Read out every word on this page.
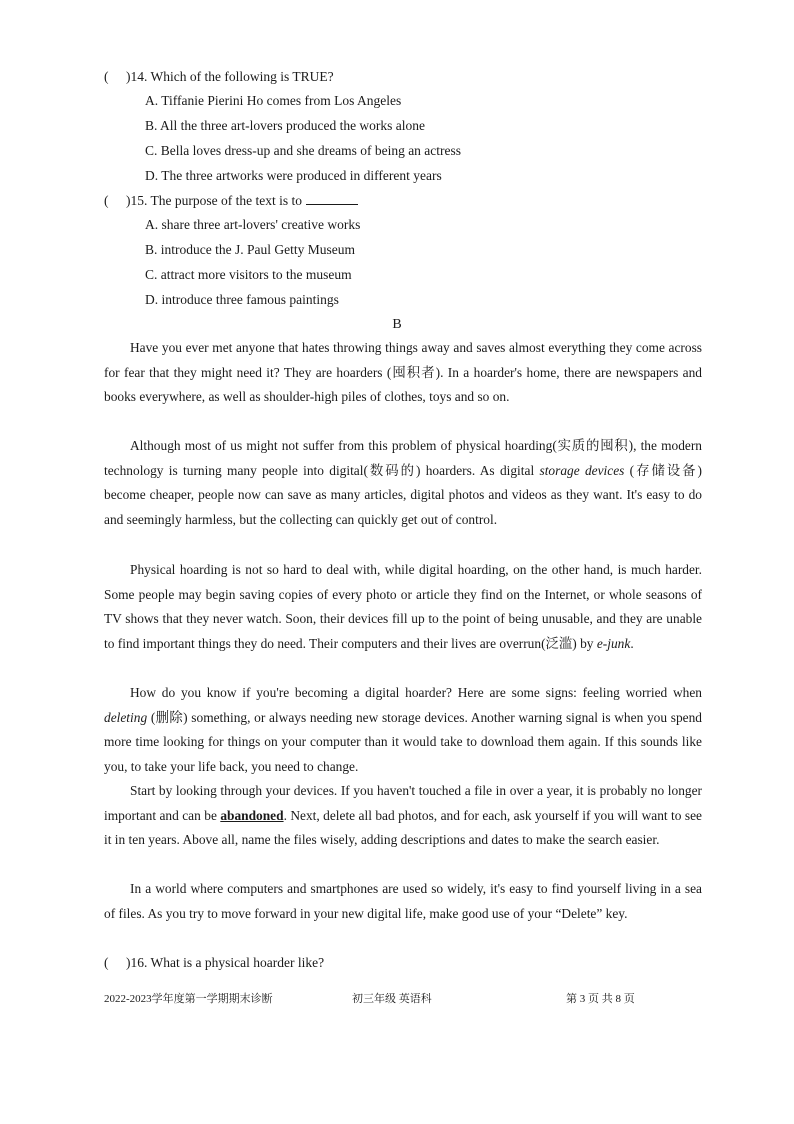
( )14. Which of the following is TRUE?
A. Tiffanie Pierini Ho comes from Los Angeles
B. All the three art-lovers produced the works alone
C. Bella loves dress-up and she dreams of being an actress
D. The three artworks were produced in different years
( )15. The purpose of the text is to
A. share three art-lovers' creative works
B. introduce the J. Paul Getty Museum
C. attract more visitors to the museum
D. introduce three famous paintings
B

Have you ever met anyone that hates throwing things away and saves almost everything they come across for fear that they might need it? They are hoarders (囤积者). In a hoarder's home, there are newspapers and books everywhere, as well as shoulder-high piles of clothes, toys and so on.

Although most of us might not suffer from this problem of physical hoarding(实质的囤积), the modern technology is turning many people into digital(数码的) hoarders. As digital storage devices (存储设备) become cheaper, people now can save as many articles, digital photos and videos as they want. It's easy to do and seemingly harmless, but the collecting can quickly get out of control.

Physical hoarding is not so hard to deal with, while digital hoarding, on the other hand, is much harder. Some people may begin saving copies of every photo or article they find on the Internet, or whole seasons of TV shows that they never watch. Soon, their devices fill up to the point of being unusable, and they are unable to find important things they do need. Their computers and their lives are overrun(泛滥) by e-junk.

How do you know if you're becoming a digital hoarder? Here are some signs: feeling worried when deleting (删除) something, or always needing new storage devices. Another warning signal is when you spend more time looking for things on your computer than it would take to download them again. If this sounds like you, to take your life back, you need to change.

Start by looking through your devices. If you haven't touched a file in over a year, it is probably no longer important and can be abandoned. Next, delete all bad photos, and for each, ask yourself if you will want to see it in ten years. Above all, name the files wisely, adding descriptions and dates to make the search easier.

In a world where computers and smartphones are used so widely, it's easy to find yourself living in a sea of files. As you try to move forward in your new digital life, make good use of your “Delete” key.

( )16. What is a physical hoarder like?
2022-2023学年度第一学期期末诊断	初三年级 英语科	第 3 页 共 8 页
